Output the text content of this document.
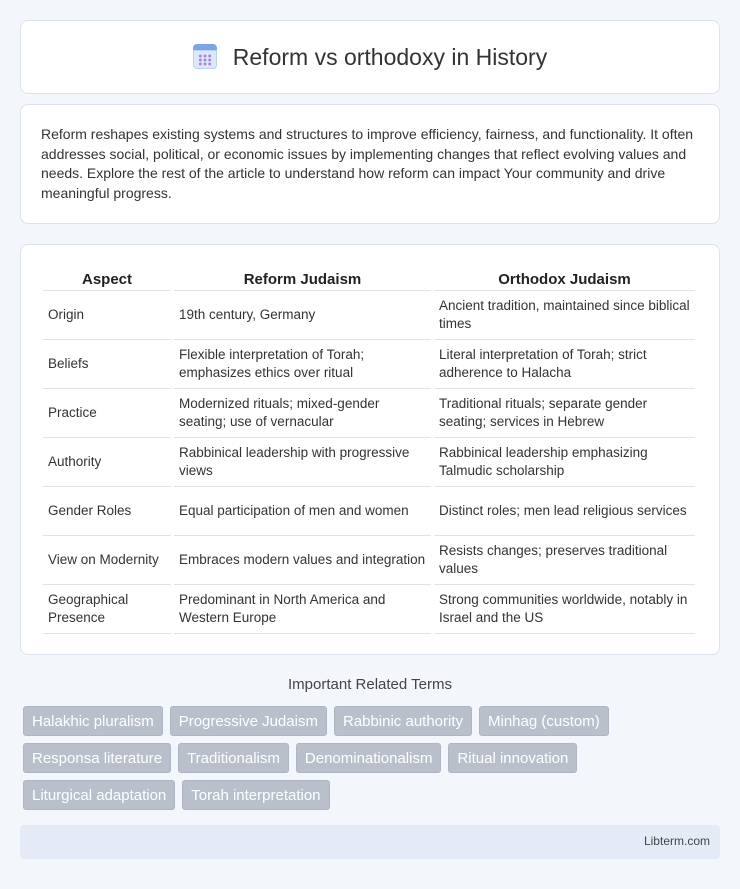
Reform vs orthodoxy in History

Reform reshapes existing systems and structures to improve efficiency, fairness, and functionality. It often addresses social, political, or economic issues by implementing changes that reflect evolving values and needs. Explore the rest of the article to understand how reform can impact Your community and drive meaningful progress.

Aspect	Reform Judaism	Orthodox Judaism
Origin	19th century, Germany	Ancient tradition, maintained since biblical times
Beliefs	Flexible interpretation of Torah; emphasizes ethics over ritual	Literal interpretation of Torah; strict adherence to Halacha
Practice	Modernized rituals; mixed-gender seating; use of vernacular	Traditional rituals; separate gender seating; services in Hebrew
Authority	Rabbinical leadership with progressive views	Rabbinical leadership emphasizing Talmudic scholarship
Gender Roles	Equal participation of men and women	Distinct roles; men lead religious services
View on Modernity	Embraces modern values and integration	Resists changes; preserves traditional values
Geographical Presence	Predominant in North America and Western Europe	Strong communities worldwide, notably in Israel and the US
Important Related Terms
Halakhic pluralism	Progressive Judaism	Rabbinic authority	Minhag (custom)
Responsa literature	Traditionalism	Denominationalism	Ritual innovation
Liturgical adaptation	Torah interpretation
Libterm.com
